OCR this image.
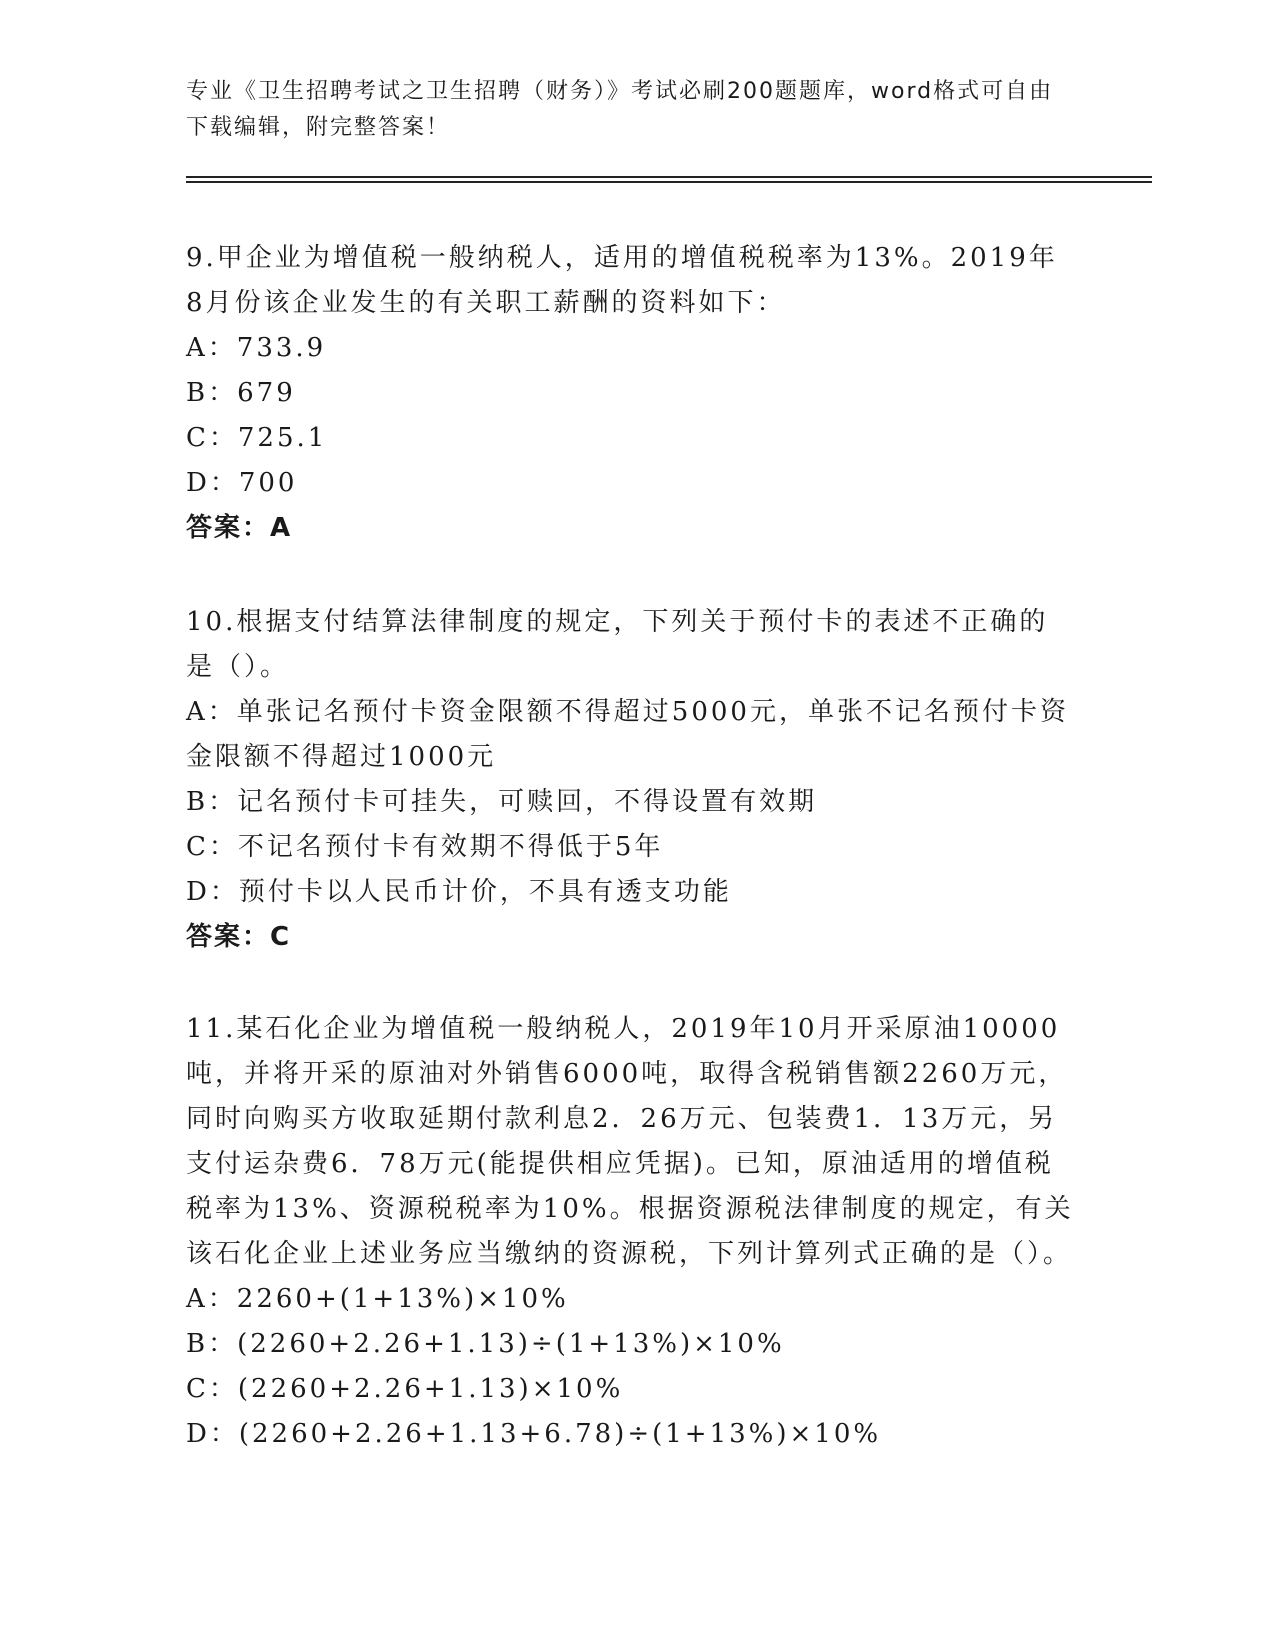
专业《卫生招聘考试之卫生招聘（财务）》考试必刷200题题库，word格式可自由下载编辑，附完整答案！

9.甲企业为增值税一般纳税人，适用的增值税税率为13%。2019年8月份该企业发生的有关职工薪酬的资料如下：

A：733.9

B：679

C：725.1

D：700

答案：A

10.根据支付结算法律制度的规定，下列关于预付卡的表述不正确的是（）。

A：单张记名预付卡资金限额不得超过5000元，单张不记名预付卡资金限额不得超过1000元

B：记名预付卡可挂失，可赎回，不得设置有效期

C：不记名预付卡有效期不得低于5年

D：预付卡以人民币计价，不具有透支功能

答案：C

11.某石化企业为增值税一般纳税人，2019年10月开采原油10000吨，并将开采的原油对外销售6000吨，取得含税销售额2260万元，同时向购买方收取延期付款利息2．26万元、包装费1．13万元，另支付运杂费6．78万元(能提供相应凭据)。已知，原油适用的增值税税率为13%、资源税税率为10%。根据资源税法律制度的规定，有关该石化企业上述业务应当缴纳的资源税，下列计算列式正确的是（）。

A：2260+(1+13%)×10%

B：(2260+2.26+1.13)÷(1+13%)×10%

C：(2260+2.26+1.13)×10%

D：(2260+2.26+1.13+6.78)÷(1+13%)×10%
